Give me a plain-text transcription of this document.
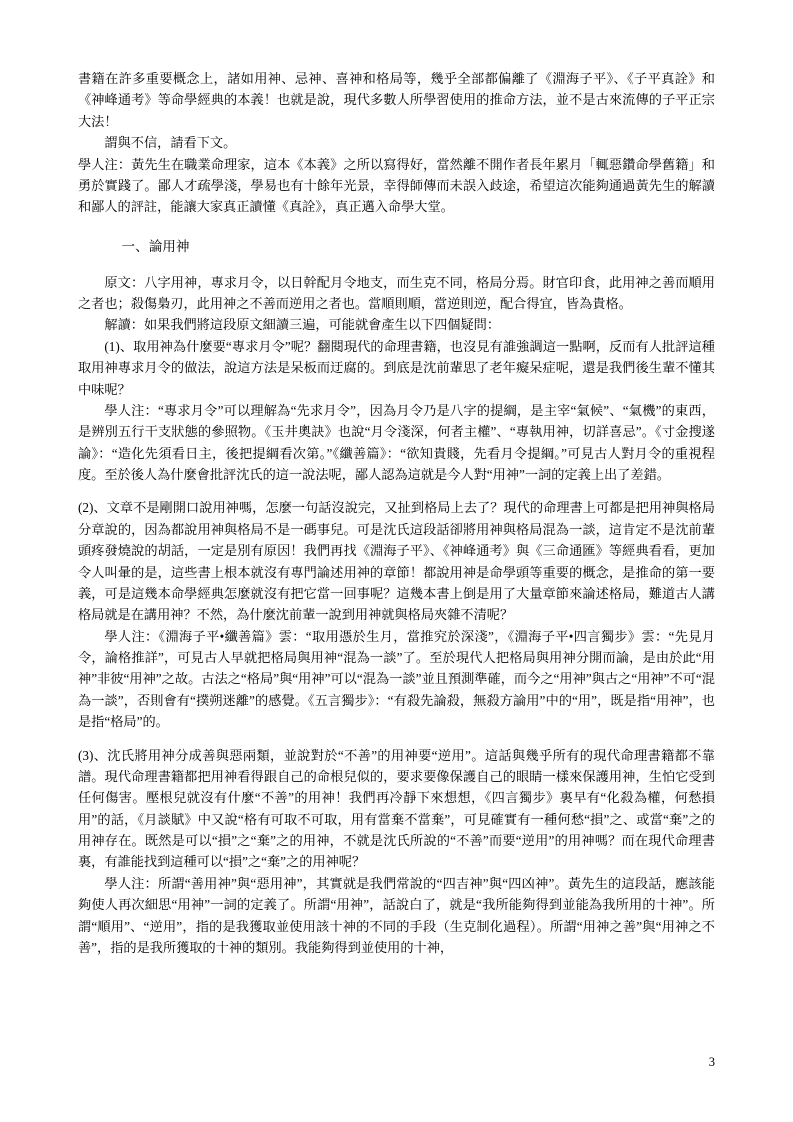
書籍在許多重要概念上，諸如用神、忌神、喜神和格局等，幾乎全部都偏離了《淵海子平》、《子平真詮》和《神峰通考》等命學經典的本義！也就是說，現代多數人所學習使用的推命方法，並不是古來流傳的子平正宗大法！

謂與不信，請看下文。

學人注：黃先生在職業命理家，這本《本義》之所以寫得好，當然離不開作者長年累月「輒惡鑽命學舊籍」和勇於實踐了。鄙人才疏學淺，學易也有十餘年光景，幸得師傳而未誤入歧途，希望這次能夠通過黃先生的解讀和鄙人的評註，能讓大家真正讀懂《真詮》，真正邁入命學大堂。

一、論用神

原文：八字用神，專求月令，以日幹配月令地支，而生克不同，格局分焉。財官印食，此用神之善而順用之者也；殺傷梟刃，此用神之不善而逆用之者也。當順則順，當逆則逆，配合得宜，皆為貴格。

解讀：如果我們將這段原文細讀三遍，可能就會產生以下四個疑問：

(1)、取用神為什麼要“專求月令”呢？翻閱現代的命理書籍，也沒見有誰強調這一點啊，反而有人批評這種取用神專求月令的做法，說這方法是呆板而迂腐的。到底是沈前輩思了老年癡呆症呢，還是我們後生輩不懂其中味呢？

學人注：“專求月令”可以理解為“先求月令”，因為月令乃是八字的提綱，是主宰“氣候”、“氣機”的東西，是辨別五行干支狀態的參照物。《玉井奧訣》也說“月令淺深，何者主權”、“專執用神，切詳喜忌”。《寸金搜遂論》：“造化先須看日主，後把提綱看次第。”《纖善篇》：“欲知貴賤，先看月令提綱。”可見古人對月令的重視程度。至於後人為什麼會批評沈氏的這一說法呢，鄙人認為這就是今人對“用神”一詞的定義上出了差錯。

(2)、文章不是剛開口說用神嗎，怎麼一句話沒說完，又扯到格局上去了？現代的命理書上可都是把用神與格局分章說的，因為都說用神與格局不是一碼事兒。可是沈氏這段話卻將用神與格局混為一談，這肯定不是沈前輩頭疼發燒說的胡話，一定是別有原因！我們再找《淵海子平》、《神峰通考》與《三命通匯》等經典看看，更加令人叫暈的是，這些書上根本就沒有專門論述用神的章節！都說用神是命學頭等重要的概念，是推命的第一要義，可是這幾本命學經典怎麼就沒有把它當一回事呢？這幾本書上倒是用了大量章節來論述格局，難道古人講格局就是在講用神？不然，為什麼沈前輩一說到用神就與格局夾雜不清呢？

學人注：《淵海子平•纖善篇》雲：“取用憑於生月，當推究於深淺”，《淵海子平•四言獨步》雲：“先見月令，論格推詳”，可見古人早就把格局與用神“混為一談”了。至於現代人把格局與用神分開而論，是由於此“用神”非彼“用神”之故。古法之“格局”與“用神”可以“混為一談”並且預測準確，而今之“用神”與古之“用神”不可“混為一談”，否則會有“撲朔迷離”的感覺。《五言獨步》：“有殺先論殺，無殺方論用”中的“用”，既是指“用神”，也是指“格局”的。

(3)、沈氏將用神分成善與惡兩類，並說對於“不善”的用神要“逆用”。這話與幾乎所有的現代命理書籍都不靠譜。現代命理書籍都把用神看得跟自己的命根兒似的，要求要像保護自己的眼睛一樣來保護用神，生怕它受到任何傷害。壓根兒就沒有什麼“不善”的用神！我們再冷靜下來想想，《四言獨步》裏早有“化殺為權，何愁損用”的話，《月談賦》中又說“格有可取不可取，用有當棄不當棄”，可見確實有一種何愁“損”之、或當“棄”之的用神存在。既然是可以“損”之“棄”之的用神，不就是沈氏所說的“不善”而要“逆用”的用神嗎？而在現代命理書裏，有誰能找到這種可以“損”之“棄”之的用神呢？

學人注：所謂“善用神”與“惡用神”，其實就是我們常說的“四吉神”與“四凶神”。黃先生的這段話，應該能夠使人再次細思“用神”一詞的定義了。所謂“用神”，話說白了，就是“我所能夠得到並能為我所用的十神”。所謂“順用”、“逆用”，指的是我獲取並使用該十神的不同的手段（生克制化過程）。所謂“用神之善”與“用神之不善”，指的是我所獲取的十神的類別。我能夠得到並使用的十神，

3
